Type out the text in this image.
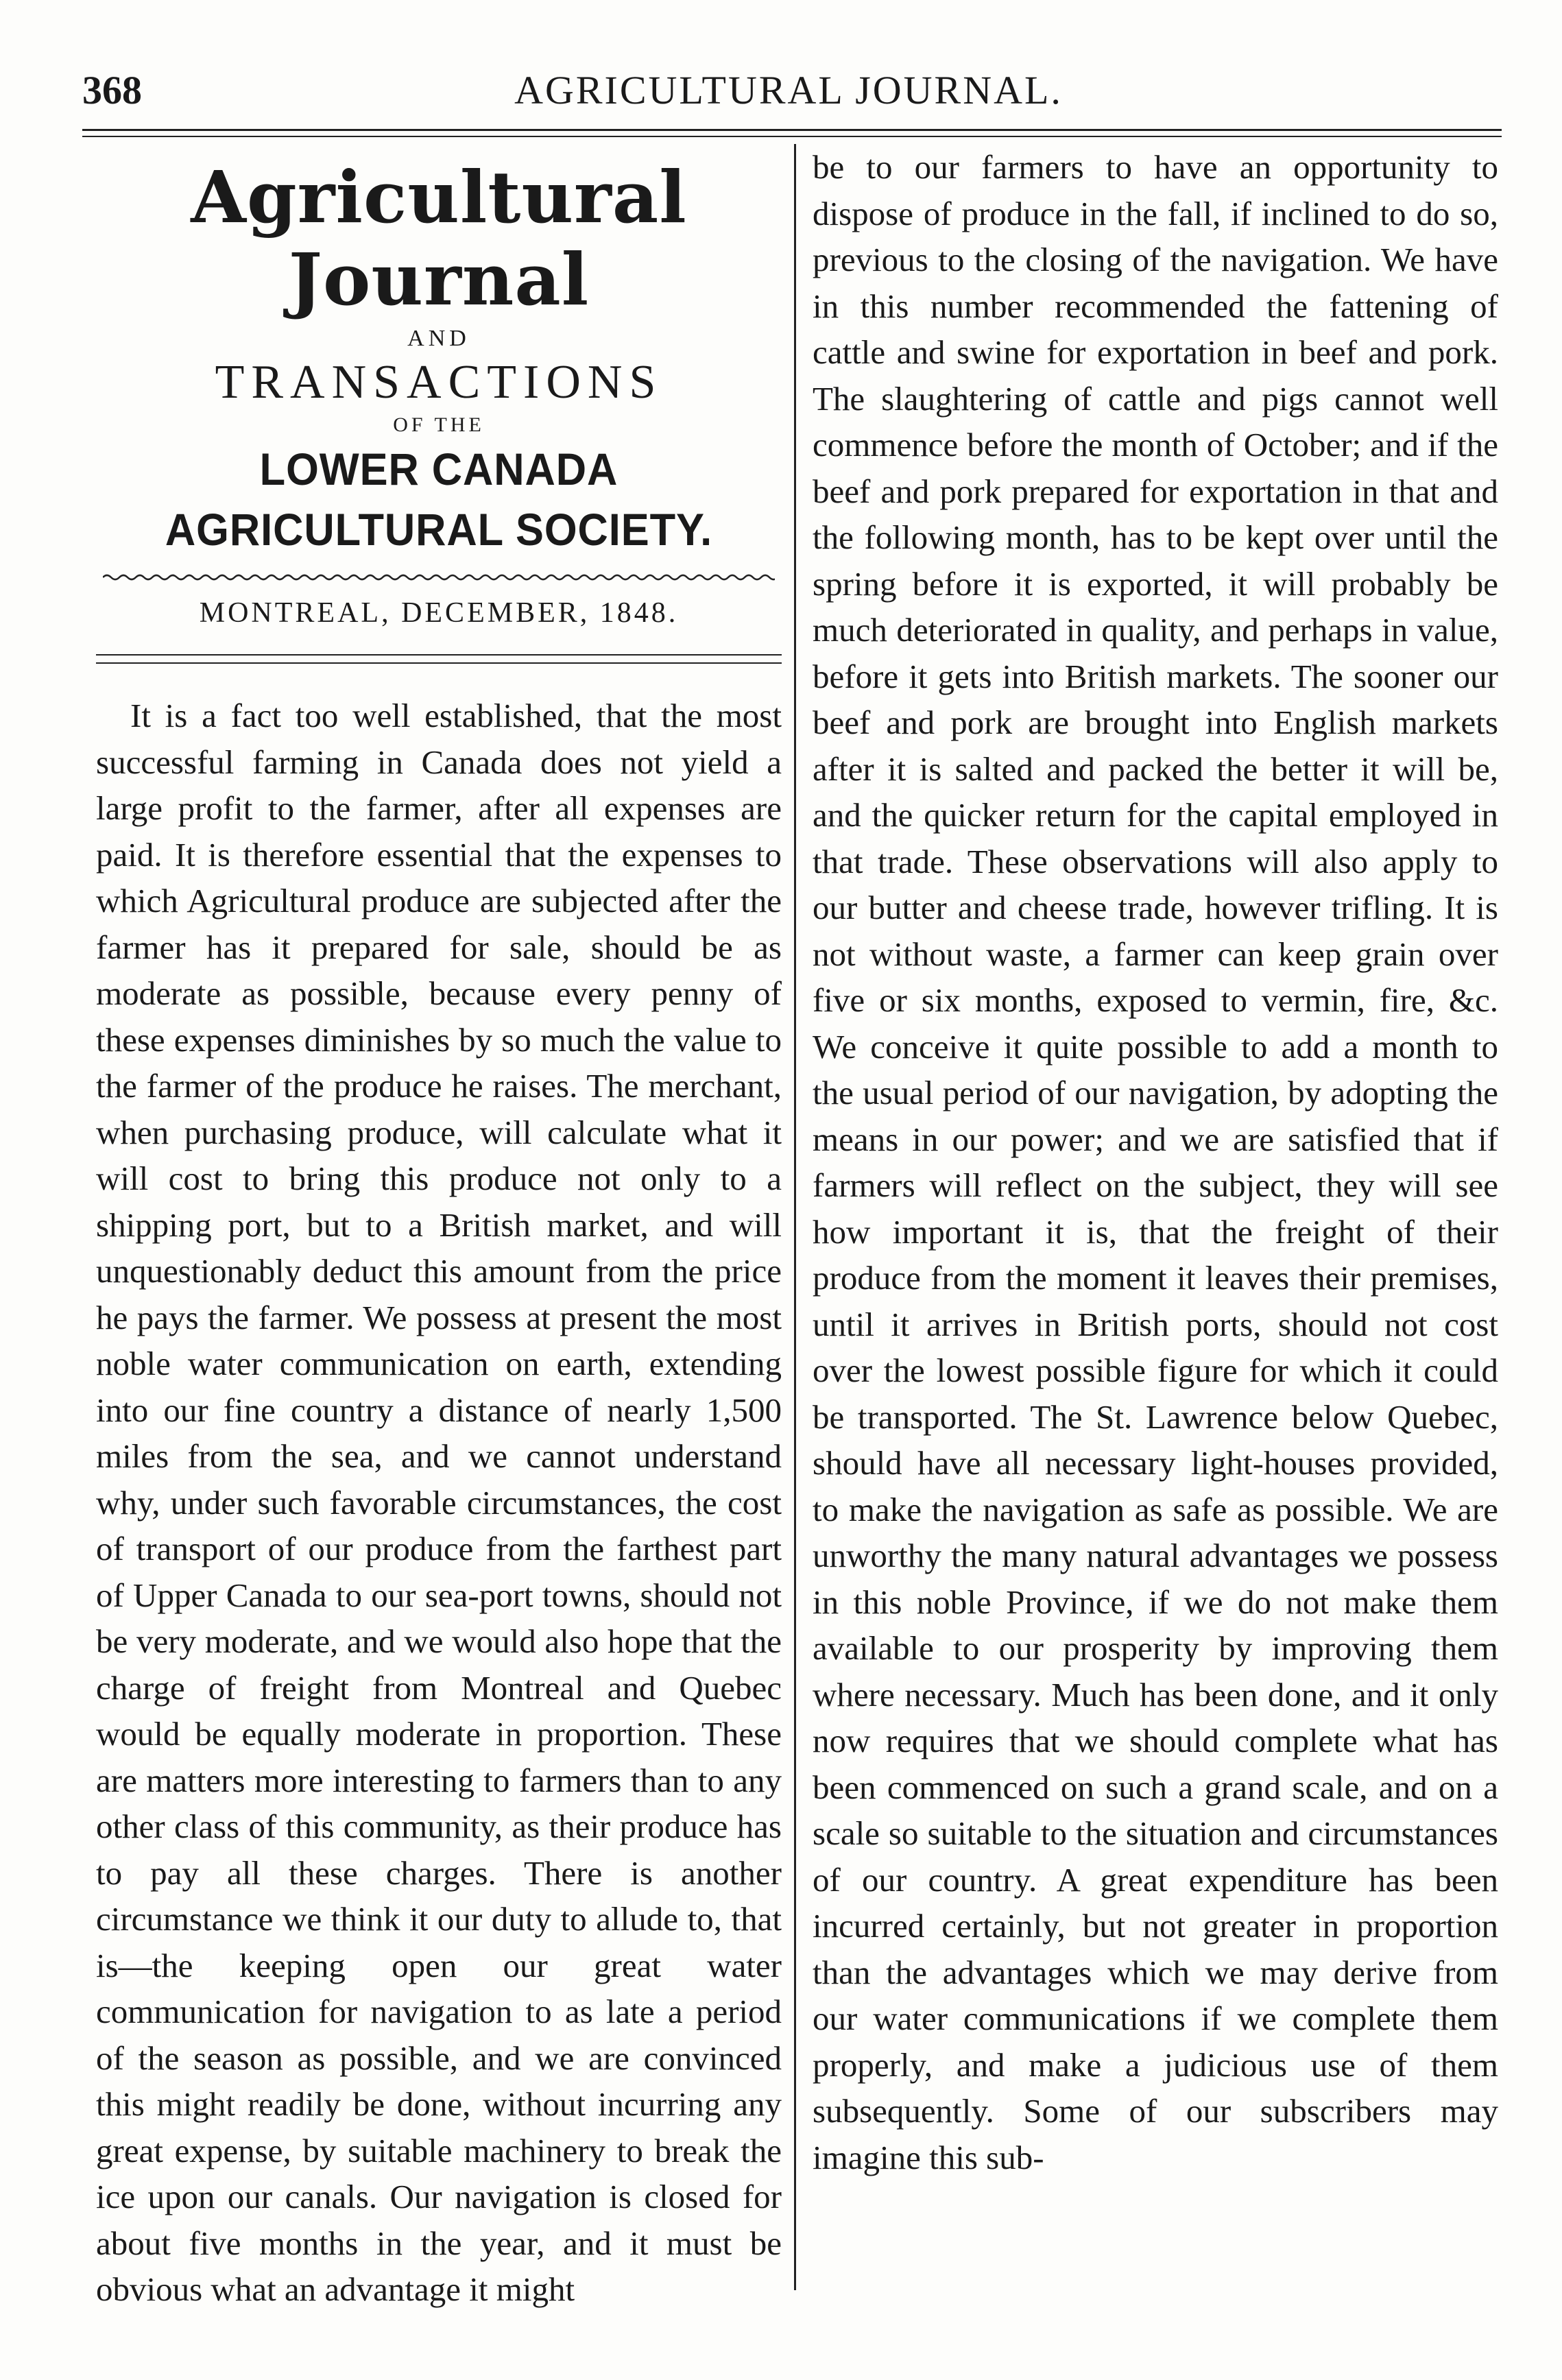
368	AGRICULTURAL JOURNAL.
Agricultural Journal
AND
TRANSACTIONS
OF THE
LOWER CANADA AGRICULTURAL SOCIETY.
MONTREAL, DECEMBER, 1848.

It is a fact too well established, that the most successful farming in Canada does not yield a large profit to the farmer, after all expenses are paid. It is therefore essential that the expenses to which Agricultural produce are subjected after the farmer has it prepared for sale, should be as moderate as possible, because every penny of these expenses diminishes by so much the value to the farmer of the produce he raises. The merchant, when purchasing produce, will calculate what it will cost to bring this produce not only to a shipping port, but to a British market, and will unquestionably deduct this amount from the price he pays the farmer. We possess at present the most noble water communication on earth, extending into our fine country a distance of nearly 1,500 miles from the sea, and we cannot understand why, under such favorable circumstances, the cost of transport of our produce from the farthest part of Upper Canada to our sea-port towns, should not be very moderate, and we would also hope that the charge of freight from Montreal and Quebec would be equally moderate in proportion. These are matters more interesting to farmers than to any other class of this community, as their produce has to pay all these charges. There is another circumstance we think it our duty to allude to, that is—the keeping open our great water communication for navigation to as late a period of the season as possible, and we are convinced this might readily be done, without incurring any great expense, by suitable machinery to break the ice upon our canals. Our navigation is closed for about five months in the year, and it must be obvious what an advantage it might

be to our farmers to have an opportunity to dispose of produce in the fall, if inclined to do so, previous to the closing of the navigation. We have in this number recommended the fattening of cattle and swine for exportation in beef and pork. The slaughtering of cattle and pigs cannot well commence before the month of October; and if the beef and pork prepared for exportation in that and the following month, has to be kept over until the spring before it is exported, it will probably be much deteriorated in quality, and perhaps in value, before it gets into British markets. The sooner our beef and pork are brought into English markets after it is salted and packed the better it will be, and the quicker return for the capital employed in that trade. These observations will also apply to our butter and cheese trade, however trifling. It is not without waste, a farmer can keep grain over five or six months, exposed to vermin, fire, &c. We conceive it quite possible to add a month to the usual period of our navigation, by adopting the means in our power; and we are satisfied that if farmers will reflect on the subject, they will see how important it is, that the freight of their produce from the moment it leaves their premises, until it arrives in British ports, should not cost over the lowest possible figure for which it could be transported. The St. Lawrence below Quebec, should have all necessary light-houses provided, to make the navigation as safe as possible. We are unworthy the many natural advantages we possess in this noble Province, if we do not make them available to our prosperity by improving them where necessary. Much has been done, and it only now requires that we should complete what has been commenced on such a grand scale, and on a scale so suitable to the situation and circumstances of our country. A great expenditure has been incurred certainly, but not greater in proportion than the advantages which we may derive from our water communications if we complete them properly, and make a judicious use of them subsequently. Some of our subscribers may imagine this sub-
